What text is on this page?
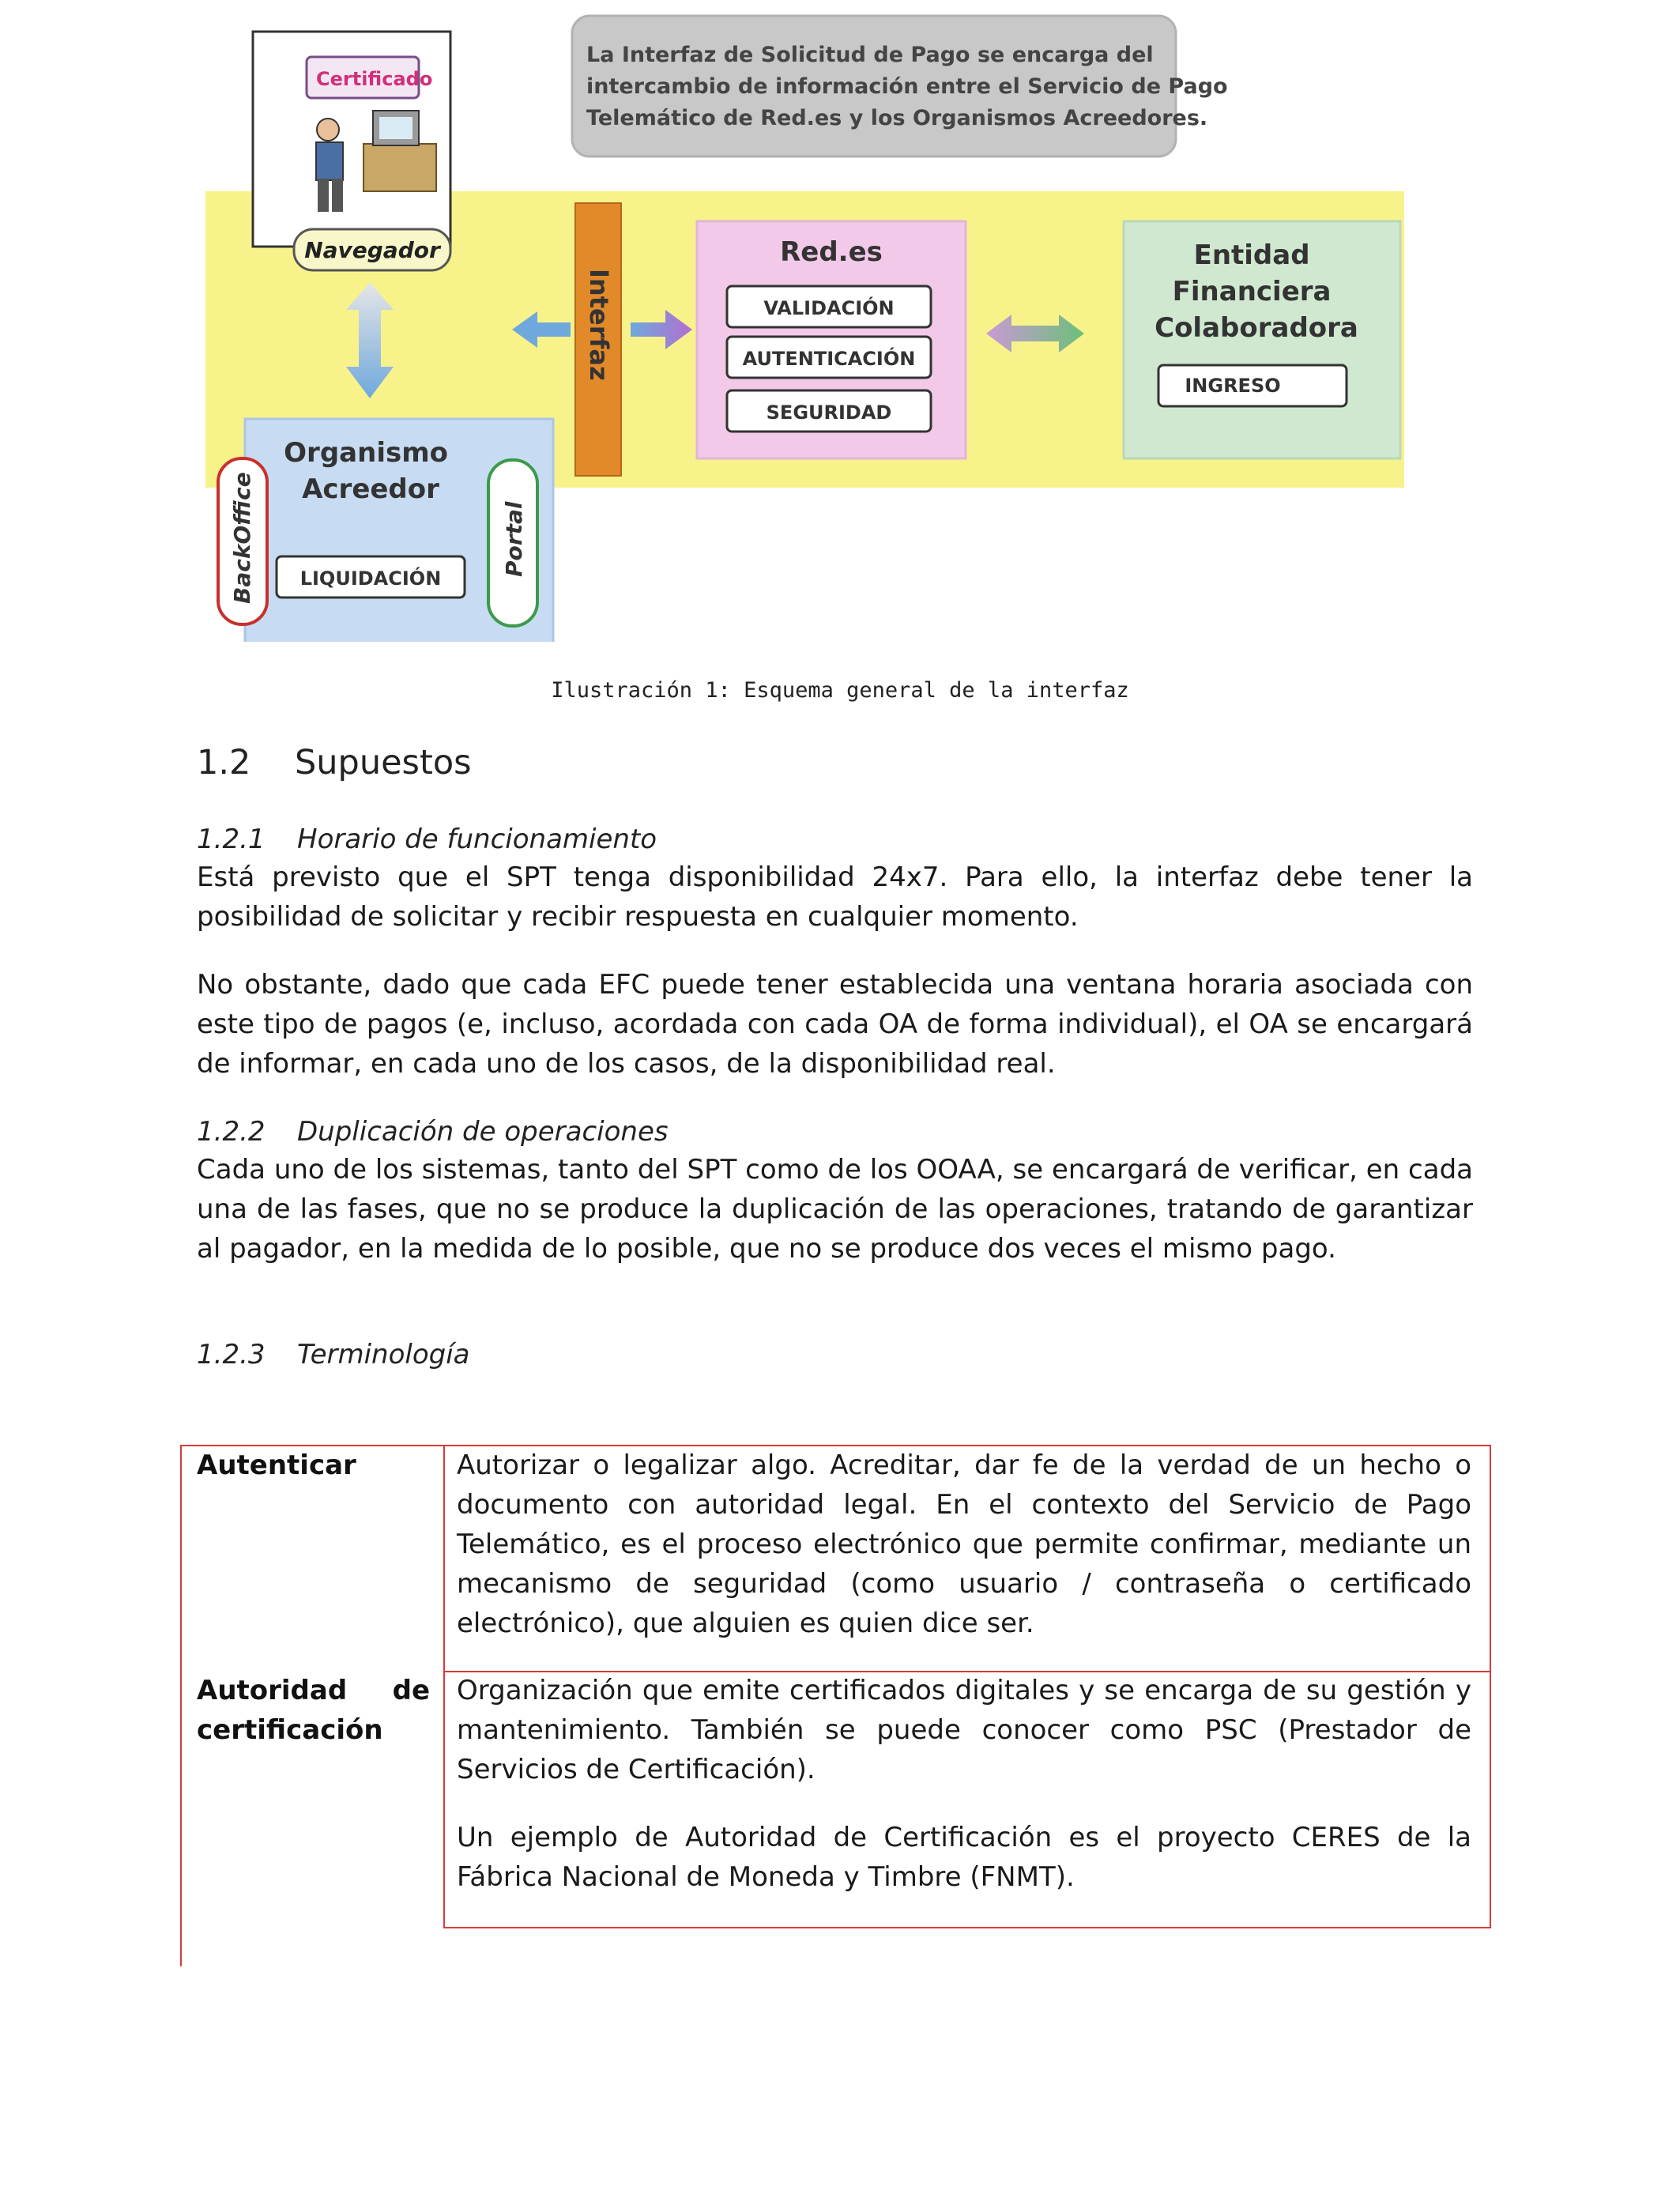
La Interfaz de Solicitud de Pago se encarga del intercambio de información entre el Servicio de Pago Telemático de Red.es y los Organismos Acreedores.
Certificado
Navegador
Interfaz
Red.es
VALIDACIÓN
AUTENTICACIÓN
SEGURIDAD
Entidad Financiera Colaboradora
INGRESO
Organismo Acreedor
LIQUIDACIÓN
BackOffice	Portal
Ilustración 1: Esquema general de la interfaz
1.2 Supuestos
1.2.1 Horario de funcionamiento

Está previsto que el SPT tenga disponibilidad 24x7. Para ello, la interfaz debe tener la posibilidad de solicitar y recibir respuesta en cualquier momento.

No obstante, dado que cada EFC puede tener establecida una ventana horaria asociada con este tipo de pagos (e, incluso, acordada con cada OA de forma individual), el OA se encargará de informar, en cada uno de los casos, de la disponibilidad real.

1.2.2 Duplicación de operaciones

Cada uno de los sistemas, tanto del SPT como de los OOAA, se encargará de verificar, en cada una de las fases, que no se produce la duplicación de las operaciones, tratando de garantizar al pagador, en la medida de lo posible, que no se produce dos veces el mismo pago.

1.2.3 Terminología
Autenticar	Autorizar o legalizar algo. Acreditar, dar fe de la verdad de un hecho o documento con autoridad legal. En el contexto del Servicio de Pago Telemático, es el proceso electrónico que permite confirmar, mediante un mecanismo de seguridad (como usuario / contraseña o certificado electrónico), que alguien es quien dice ser.

Autoridad de certificación

Organización que emite certificados digitales y se encarga de su gestión y mantenimiento. También se puede conocer como PSC (Prestador de Servicios de Certificación).

Un ejemplo de Autoridad de Certificación es el proyecto CERES de la Fábrica Nacional de Moneda y Timbre (FNMT).
